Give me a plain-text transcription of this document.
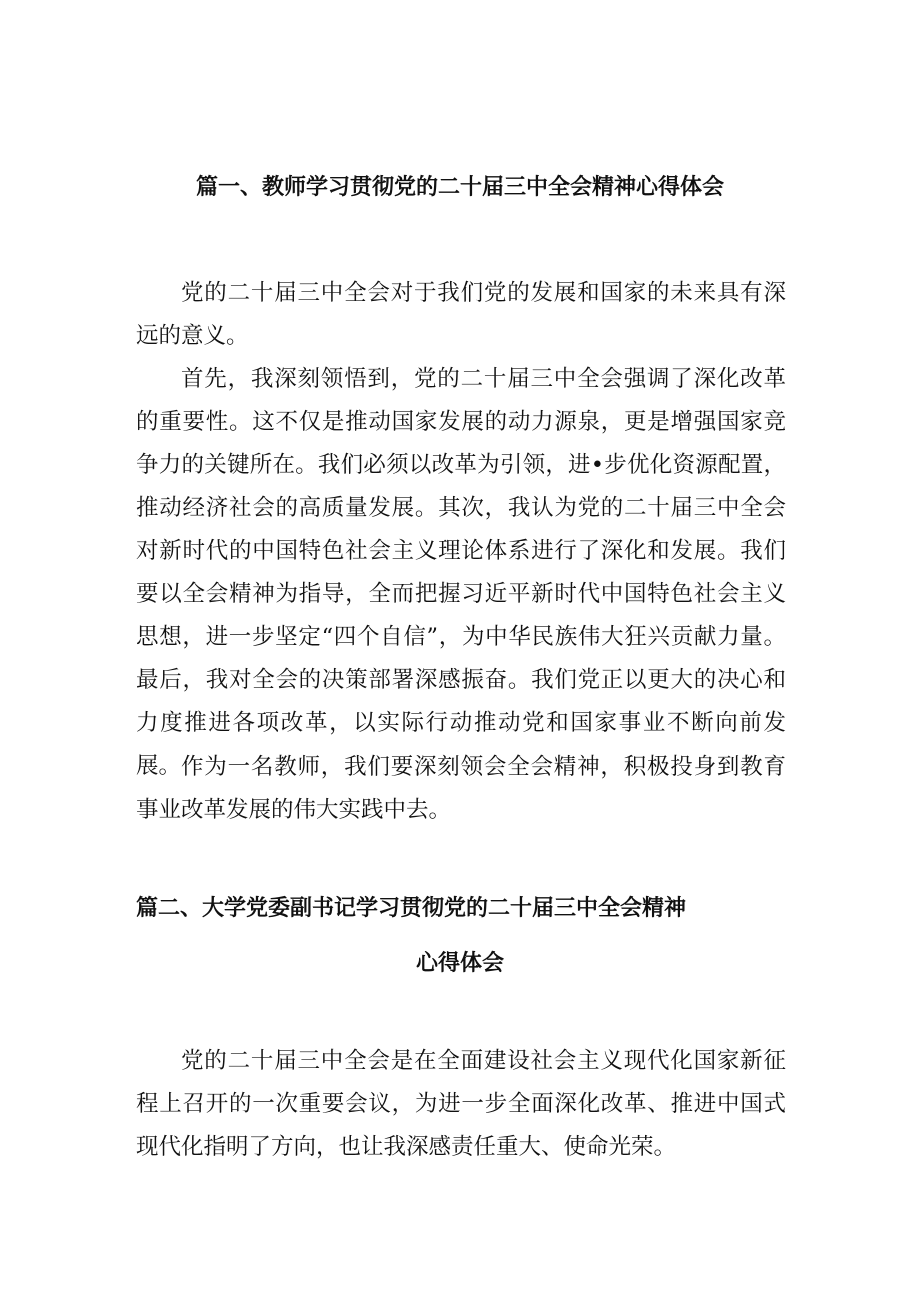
篇一、教师学习贯彻党的二十届三中全会精神心得体会

党的二十届三中全会对于我们党的发展和国家的未来具有深远的意义。

首先，我深刻领悟到，党的二十届三中全会强调了深化改革的重要性。这不仅是推动国家发展的动力源泉，更是增强国家竞争力的关键所在。我们必须以改革为引领，进•步优化资源配置，推动经济社会的高质量发展。其次，我认为党的二十届三中全会对新时代的中国特色社会主义理论体系进行了深化和发展。我们要以全会精神为指导，全而把握习近平新时代中国特色社会主义思想，进一步坚定“四个自信”，为中华民族伟大狂兴贡献力量。最后，我对全会的决策部署深感振奋。我们党正以更大的决心和力度推进各项改革，以实际行动推动党和国家事业不断向前发展。 作为一名教师，我们要深刻领会全会精神，积极投身到教育事业改革发展的伟大实践中去。

篇二、大学党委副书记学习贯彻党的二十届三中全会精神
心得体会

党的二十届三中全会是在全面建设社会主义现代化国家新征程上召开的一次重要会议，为进一步全面深化改革、推进中国式现代化指明了方向，也让我深感责任重大、使命光荣。
